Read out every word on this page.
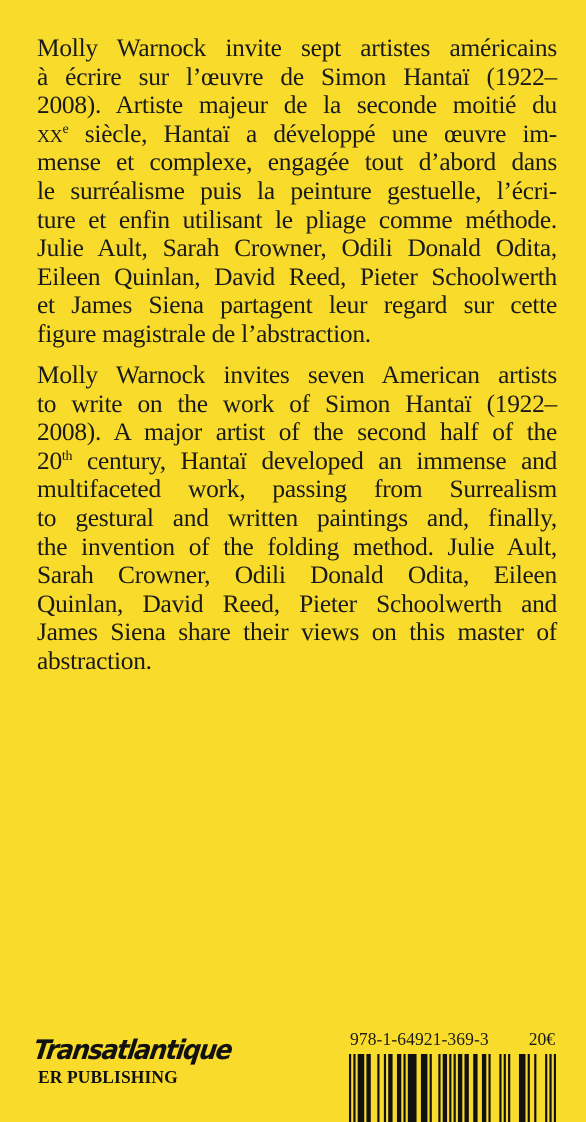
Molly Warnock invite sept artistes américains
à écrire sur l’œuvre de Simon Hantaï (1922–
2008). Artiste majeur de la seconde moitié du
$xx^e$ siècle, Hantaï a développé une œuvre im-
mense et complexe, engagée tout d’abord dans
le surréalisme puis la peinture gestuelle, l’écri-
ture et enfin utilisant le pliage comme méthode.
Julie Ault, Sarah Crowner, Odili Donald Odita,
Eileen Quinlan, David Reed, Pieter Schoolwerth
et James Siena partagent leur regard sur cette
figure magistrale de l’abstraction.
Molly Warnock invites seven American artists
to write on the work of Simon Hantaï (1922–
2008). A major artist of the second half of the
20th century, Hantaï developed an immense and
multifaceted work, passing from Surrealism
to gestural and written paintings and, finally,
the invention of the folding method. Julie Ault,
Sarah Crowner, Odili Donald Odita, Eileen
Quinlan, David Reed, Pieter Schoolwerth and
James Siena share their views on this master of
abstraction.
Transatlantique
ER PUBLISHING
978-1-64921-369-3 20€
